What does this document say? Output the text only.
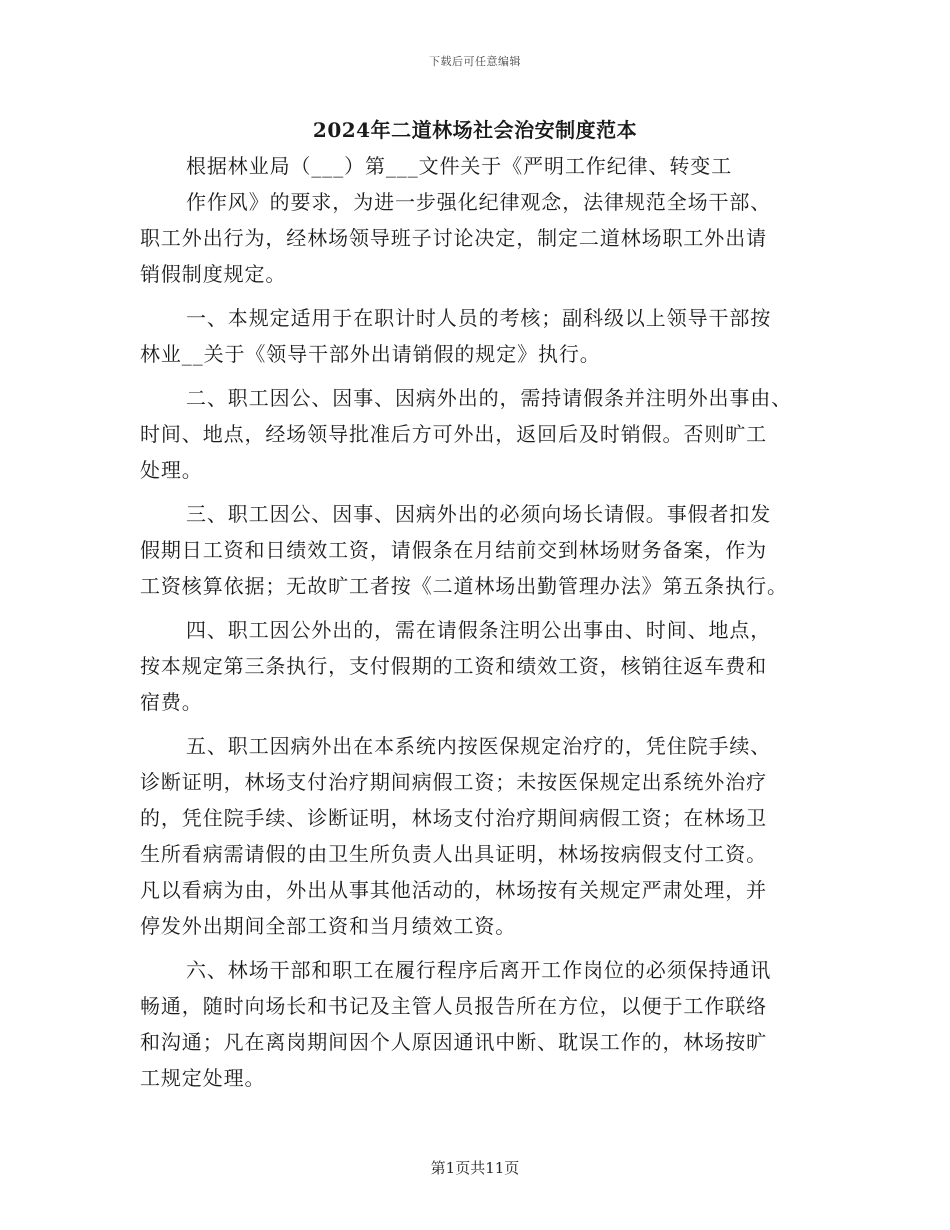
下载后可任意编辑
2024年二道林场社会治安制度范本
根据林业局（___）第___文件关于《严明工作纪律、转变工
作作风》的要求，为进一步强化纪律观念，法律规范全场干部、
职工外出行为，经林场领导班子讨论决定，制定二道林场职工外出请
销假制度规定。
一、本规定适用于在职计时人员的考核；副科级以上领导干部按
林业__关于《领导干部外出请销假的规定》执行。
二、职工因公、因事、因病外出的，需持请假条并注明外出事由、
时间、地点，经场领导批准后方可外出，返回后及时销假。否则旷工
处理。
三、职工因公、因事、因病外出的必须向场长请假。事假者扣发
假期日工资和日绩效工资，请假条在月结前交到林场财务备案，作为
工资核算依据；无故旷工者按《二道林场出勤管理办法》第五条执行。
四、职工因公外出的，需在请假条注明公出事由、时间、地点，
按本规定第三条执行，支付假期的工资和绩效工资，核销往返车费和
宿费。
五、职工因病外出在本系统内按医保规定治疗的，凭住院手续、
诊断证明，林场支付治疗期间病假工资；未按医保规定出系统外治疗
的，凭住院手续、诊断证明，林场支付治疗期间病假工资；在林场卫
生所看病需请假的由卫生所负责人出具证明，林场按病假支付工资。
凡以看病为由，外出从事其他活动的，林场按有关规定严肃处理，并
停发外出期间全部工资和当月绩效工资。
六、林场干部和职工在履行程序后离开工作岗位的必须保持通讯
畅通，随时向场长和书记及主管人员报告所在方位，以便于工作联络
和沟通；凡在离岗期间因个人原因通讯中断、耽误工作的，林场按旷
工规定处理。
第1页共11页
